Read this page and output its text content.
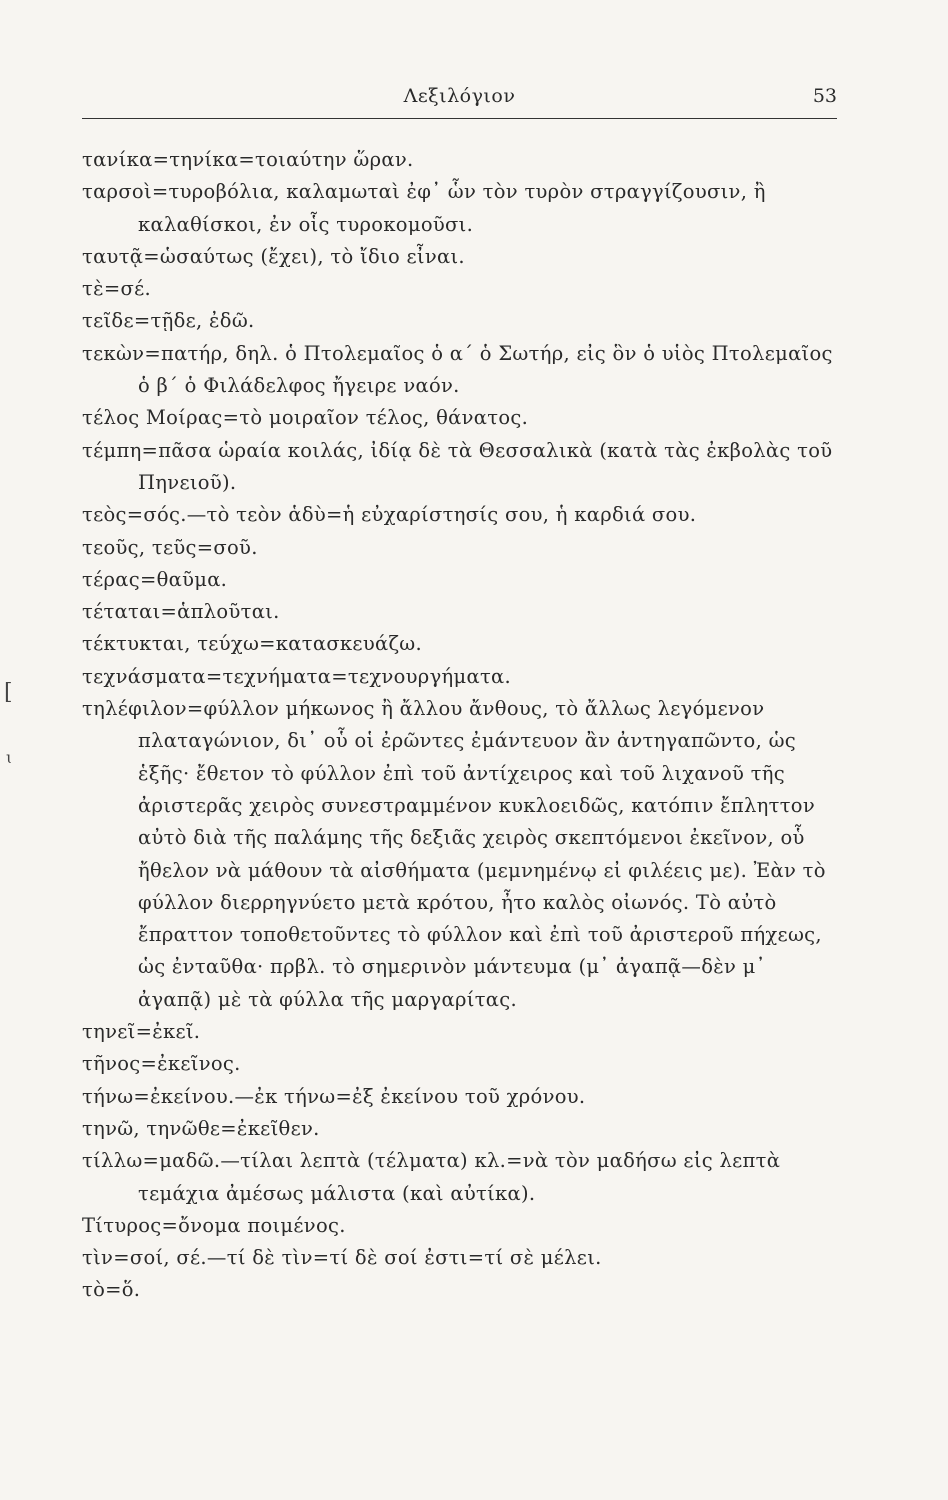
Λεξιλόγιον	53
[
ɩ

τανίκα=τηνίκα=τοιαύτην ὥραν.

ταρσοὶ=τυροβόλια, καλαμωταὶ ἐφ᾿ ὧν τὸν τυρὸν στραγγίζουσιν, ἢ καλαθίσκοι, ἐν οἷς τυροκομοῦσι.

ταυτᾷ=ὡσαύτως (ἔχει), τὸ ἴδιο εἶναι.

τὲ=σέ.

τεῖδε=τῇδε, ἐδῶ.

τεκὼν=πατήρ, δηλ. ὁ Πτολεμαῖος ὁ α΄ ὁ Σωτήρ, εἰς ὃν ὁ υἱὸς Πτολεμαῖος ὁ β΄ ὁ Φιλάδελφος ἤγειρε ναόν.

τέλος Μοίρας=τὸ μοιραῖον τέλος, θάνατος.

τέμπη=πᾶσα ὡραία κοιλάς, ἰδίᾳ δὲ τὰ Θεσσαλικὰ (κατὰ τὰς ἐκβολὰς τοῦ Πηνειοῦ).

τεὸς=σός.—τὸ τεὸν ἁδὺ=ἡ εὐχαρίστησίς σου, ἡ καρδιά σου.

τεοῦς, τεῦς=σοῦ.

τέρας=θαῦμα.

τέταται=ἁπλοῦται.

τέκτυκται, τεύχω=κατασκευάζω.

τεχνάσματα=τεχνήματα=τεχνουργήματα.

τηλέφιλον=φύλλον μήκωνος ἢ ἄλλου ἄνθους, τὸ ἄλλως λεγόμενον πλαταγώνιον, δι᾿ οὗ οἱ ἐρῶντες ἐμάντευον ἂν ἀντηγαπῶντο, ὡς ἑξῆς· ἔθετον τὸ φύλλον ἐπὶ τοῦ ἀντίχειρος καὶ τοῦ λιχανοῦ τῆς ἀριστερᾶς χειρὸς συνεστραμμένον κυκλοειδῶς, κατόπιν ἔπληττον αὐτὸ διὰ τῆς παλάμης τῆς δεξιᾶς χειρὸς σκεπτόμενοι ἐκεῖνον, οὗ ἤθελον νὰ μάθουν τὰ αἰσθήματα (μεμνημένῳ εἰ φιλέεις με). Ἐὰν τὸ φύλλον διερρηγνύετο μετὰ κρότου, ἦτο καλὸς οἰωνός. Τὸ αὐτὸ ἔπραττον τοποθετοῦντες τὸ φύλλον καὶ ἐπὶ τοῦ ἀριστεροῦ πήχεως, ὡς ἐνταῦθα· πρβλ. τὸ σημερινὸν μάντευμα (μ᾿ ἀγαπᾷ—δὲν μ᾿ ἀγαπᾷ) μὲ τὰ φύλλα τῆς μαργαρίτας.

τηνεῖ=ἐκεῖ.

τῆνος=ἐκεῖνος.

τήνω=ἐκείνου.—ἐκ τήνω=ἐξ ἐκείνου τοῦ χρόνου.

τηνῶ, τηνῶθε=ἐκεῖθεν.

τίλλω=μαδῶ.—τίλαι λεπτὰ (τέλματα) κλ.=νὰ τὸν μαδήσω εἰς λεπτὰ τεμάχια ἀμέσως μάλιστα (καὶ αὐτίκα).

Τίτυρος=ὄνομα ποιμένος.

τὶν=σοί, σέ.—τί δὲ τὶν=τί δὲ σοί ἐστι=τί σὲ μέλει.

τὸ=ὅ.
